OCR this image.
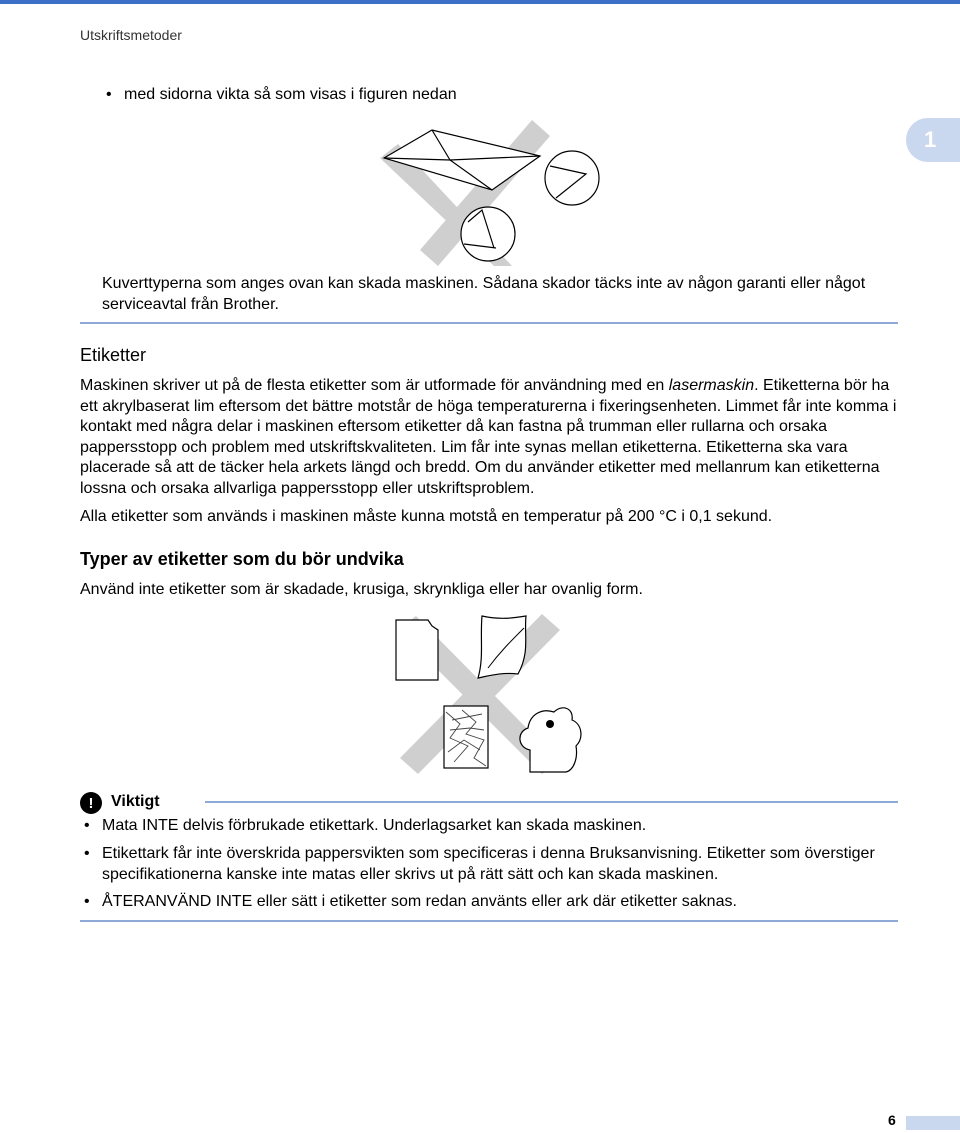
Utskriftsmetoder
1
• med sidorna vikta så som visas i figuren nedan
Kuverttyperna som anges ovan kan skada maskinen. Sådana skador täcks inte av någon garanti eller något serviceavtal från Brother.
Etiketter
Maskinen skriver ut på de flesta etiketter som är utformade för användning med en lasermaskin. Etiketterna bör ha ett akrylbaserat lim eftersom det bättre motstår de höga temperaturerna i fixeringsenheten. Limmet får inte komma i kontakt med några delar i maskinen eftersom etiketter då kan fastna på trumman eller rullarna och orsaka pappersstopp och problem med utskriftskvaliteten. Lim får inte synas mellan etiketterna. Etiketterna ska vara placerade så att de täcker hela arkets längd och bredd. Om du använder etiketter med mellanrum kan etiketterna lossna och orsaka allvarliga pappersstopp eller utskriftsproblem.
Alla etiketter som används i maskinen måste kunna motstå en temperatur på 200 °C i 0,1 sekund.
Typer av etiketter som du bör undvika
Använd inte etiketter som är skadade, krusiga, skrynkliga eller har ovanlig form.
!	Viktigt
• Mata INTE delvis förbrukade etikettark. Underlagsarket kan skada maskinen.
• Etikettark får inte överskrida pappersvikten som specificeras i denna Bruksanvisning. Etiketter som överstiger specifikationerna kanske inte matas eller skrivs ut på rätt sätt och kan skada maskinen.
• ÅTERANVÄND INTE eller sätt i etiketter som redan använts eller ark där etiketter saknas.
6
